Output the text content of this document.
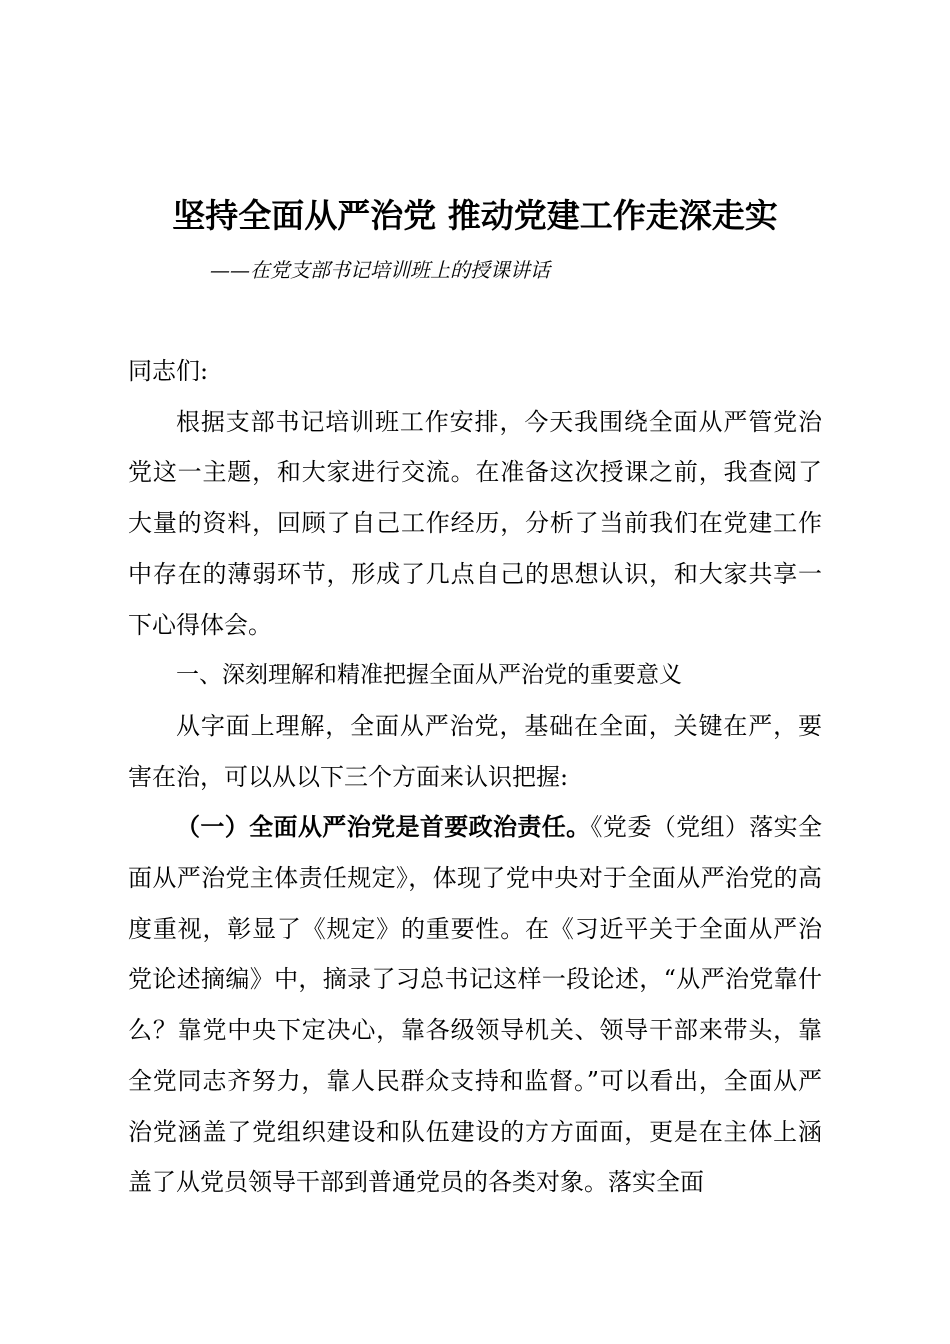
坚持全面从严治党 推动党建工作走深走实
——在党支部书记培训班上的授课讲话

同志们:

根据支部书记培训班工作安排，今天我围绕全面从严管党治党这一主题，和大家进行交流。在准备这次授课之前，我查阅了大量的资料，回顾了自己工作经历，分析了当前我们在党建工作中存在的薄弱环节，形成了几点自己的思想认识，和大家共享一下心得体会。

一、深刻理解和精准把握全面从严治党的重要意义

从字面上理解，全面从严治党，基础在全面，关键在严，要害在治，可以从以下三个方面来认识把握:

（一）全面从严治党是首要政治责任。《党委（党组）落实全面从严治党主体责任规定》，体现了党中央对于全面从严治党的高度重视，彰显了《规定》的重要性。在《习近平关于全面从严治党论述摘编》中，摘录了习总书记这样一段论述，“从严治党靠什么？靠党中央下定决心，靠各级领导机关、领导干部来带头，靠全党同志齐努力，靠人民群众支持和监督。”可以看出，全面从严治党涵盖了党组织建设和队伍建设的方方面面，更是在主体上涵盖了从党员领导干部到普通党员的各类对象。落实全面
